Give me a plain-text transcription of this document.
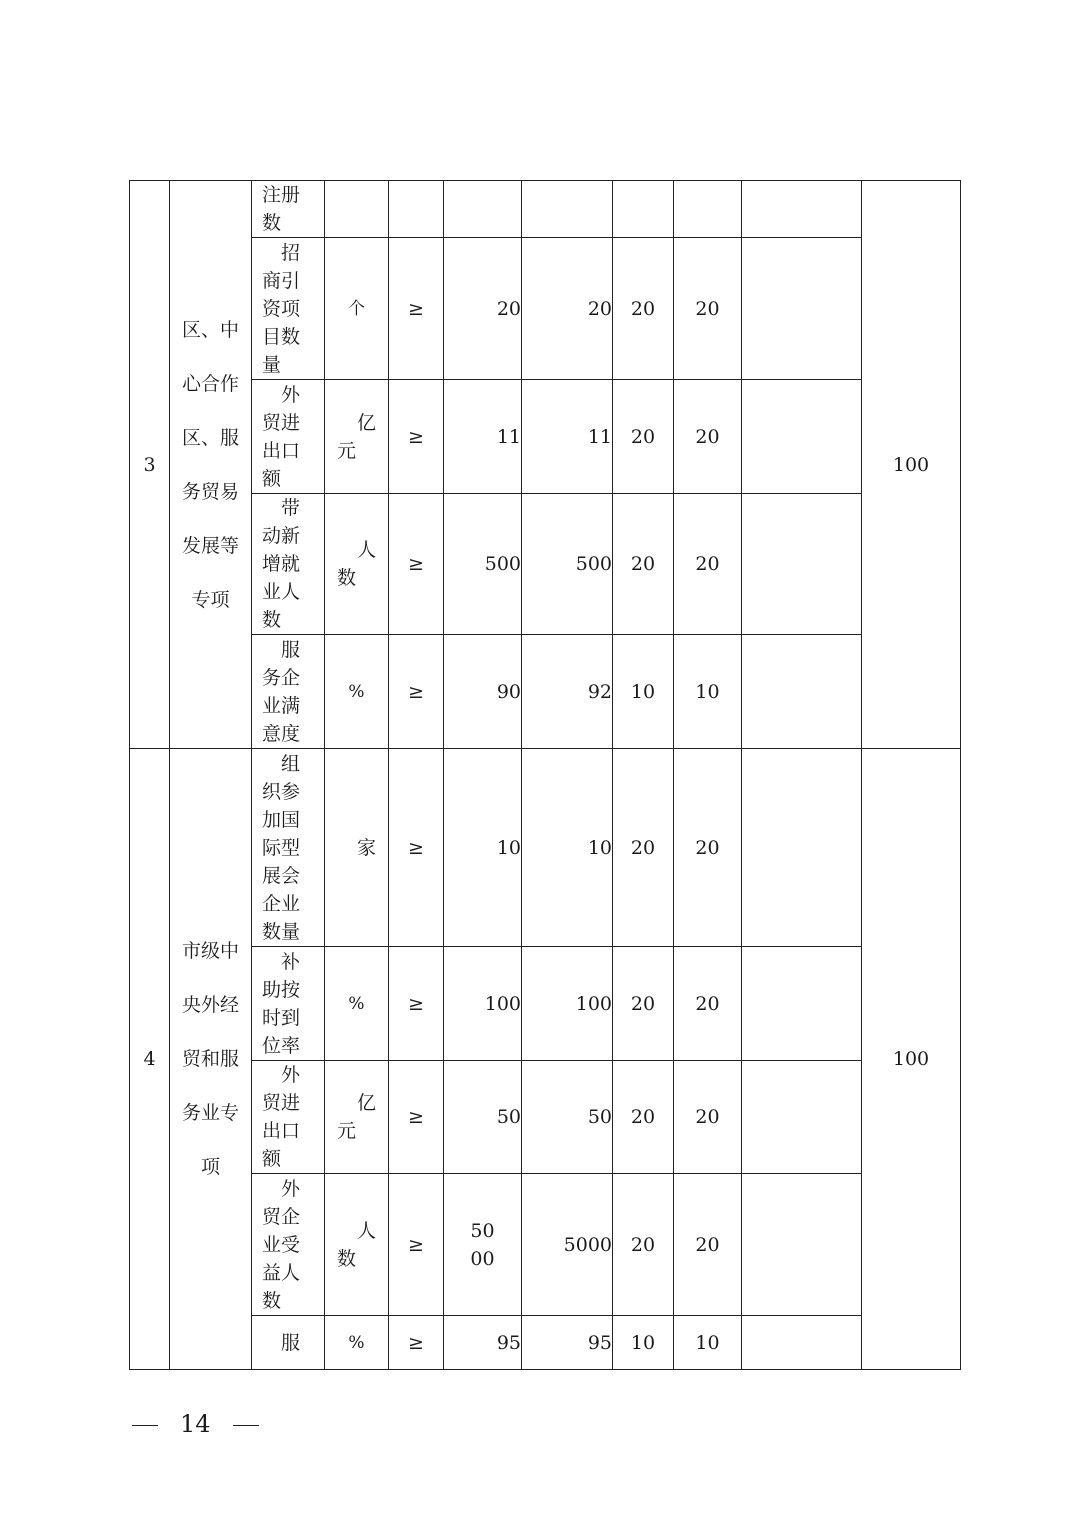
3	区、中心合作区、服务贸易发展等专项	注册数								100

		招商引资项目数量	个	≥	20	20	20	20		

		外贸进出口额	亿元	≥	11	11	20	20		

		带动新增就业人数	人数	≥	500	500	20	20		

		服务企业满意度	%	≥	90	92	10	10		
4	市级中央外经贸和服务业专项	组织参加国际型展会企业数量	家	≥	10	10	20	20		100

		补助按时到位率	%	≥	100	100	20	20		

		外贸进出口额	亿元	≥	50	50	20	20		

		外贸企业受益人数	人数	≥	5000	5000	20	20		

		服	%	≥	95	95	10	10		
14
